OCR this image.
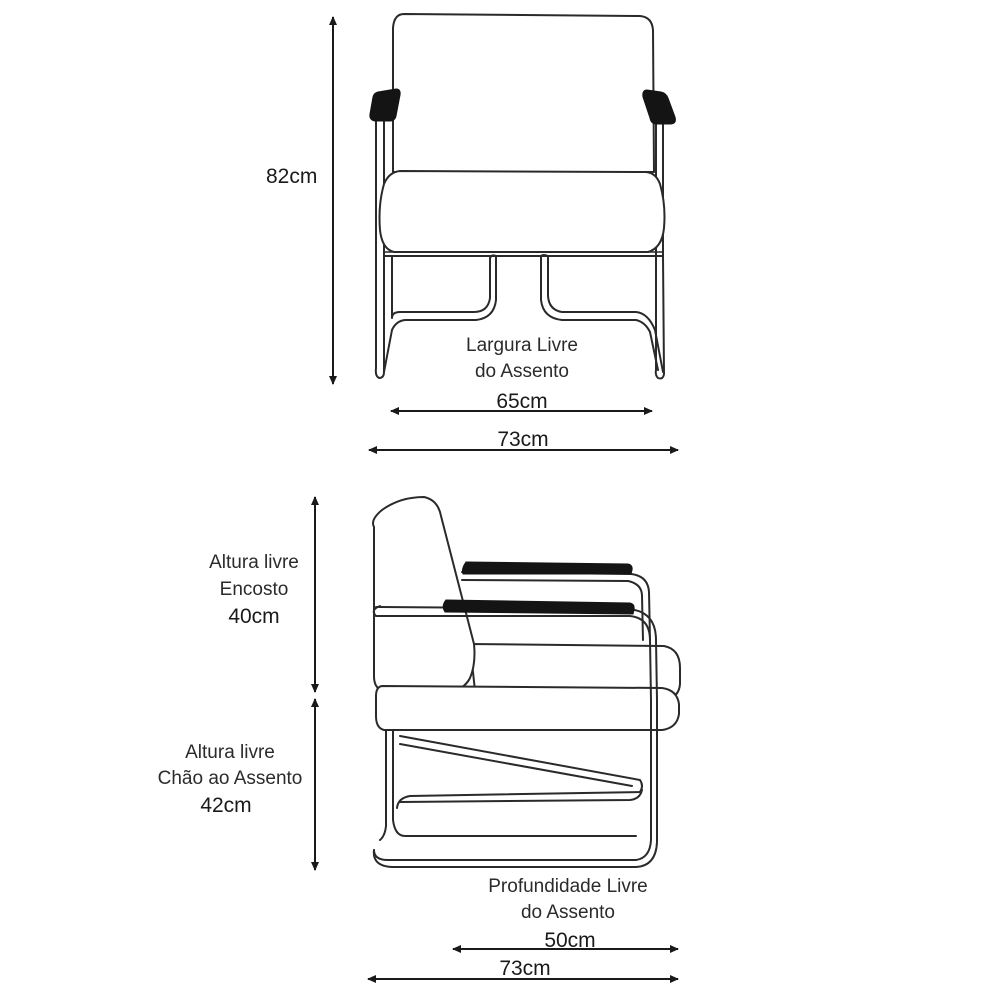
82cm
Largura Livre
do Assento
65cm
73cm
Altura livre
Encosto
40cm
Altura livre
Chão ao Assento
42cm
Profundidade Livre
do Assento
50cm
73cm
